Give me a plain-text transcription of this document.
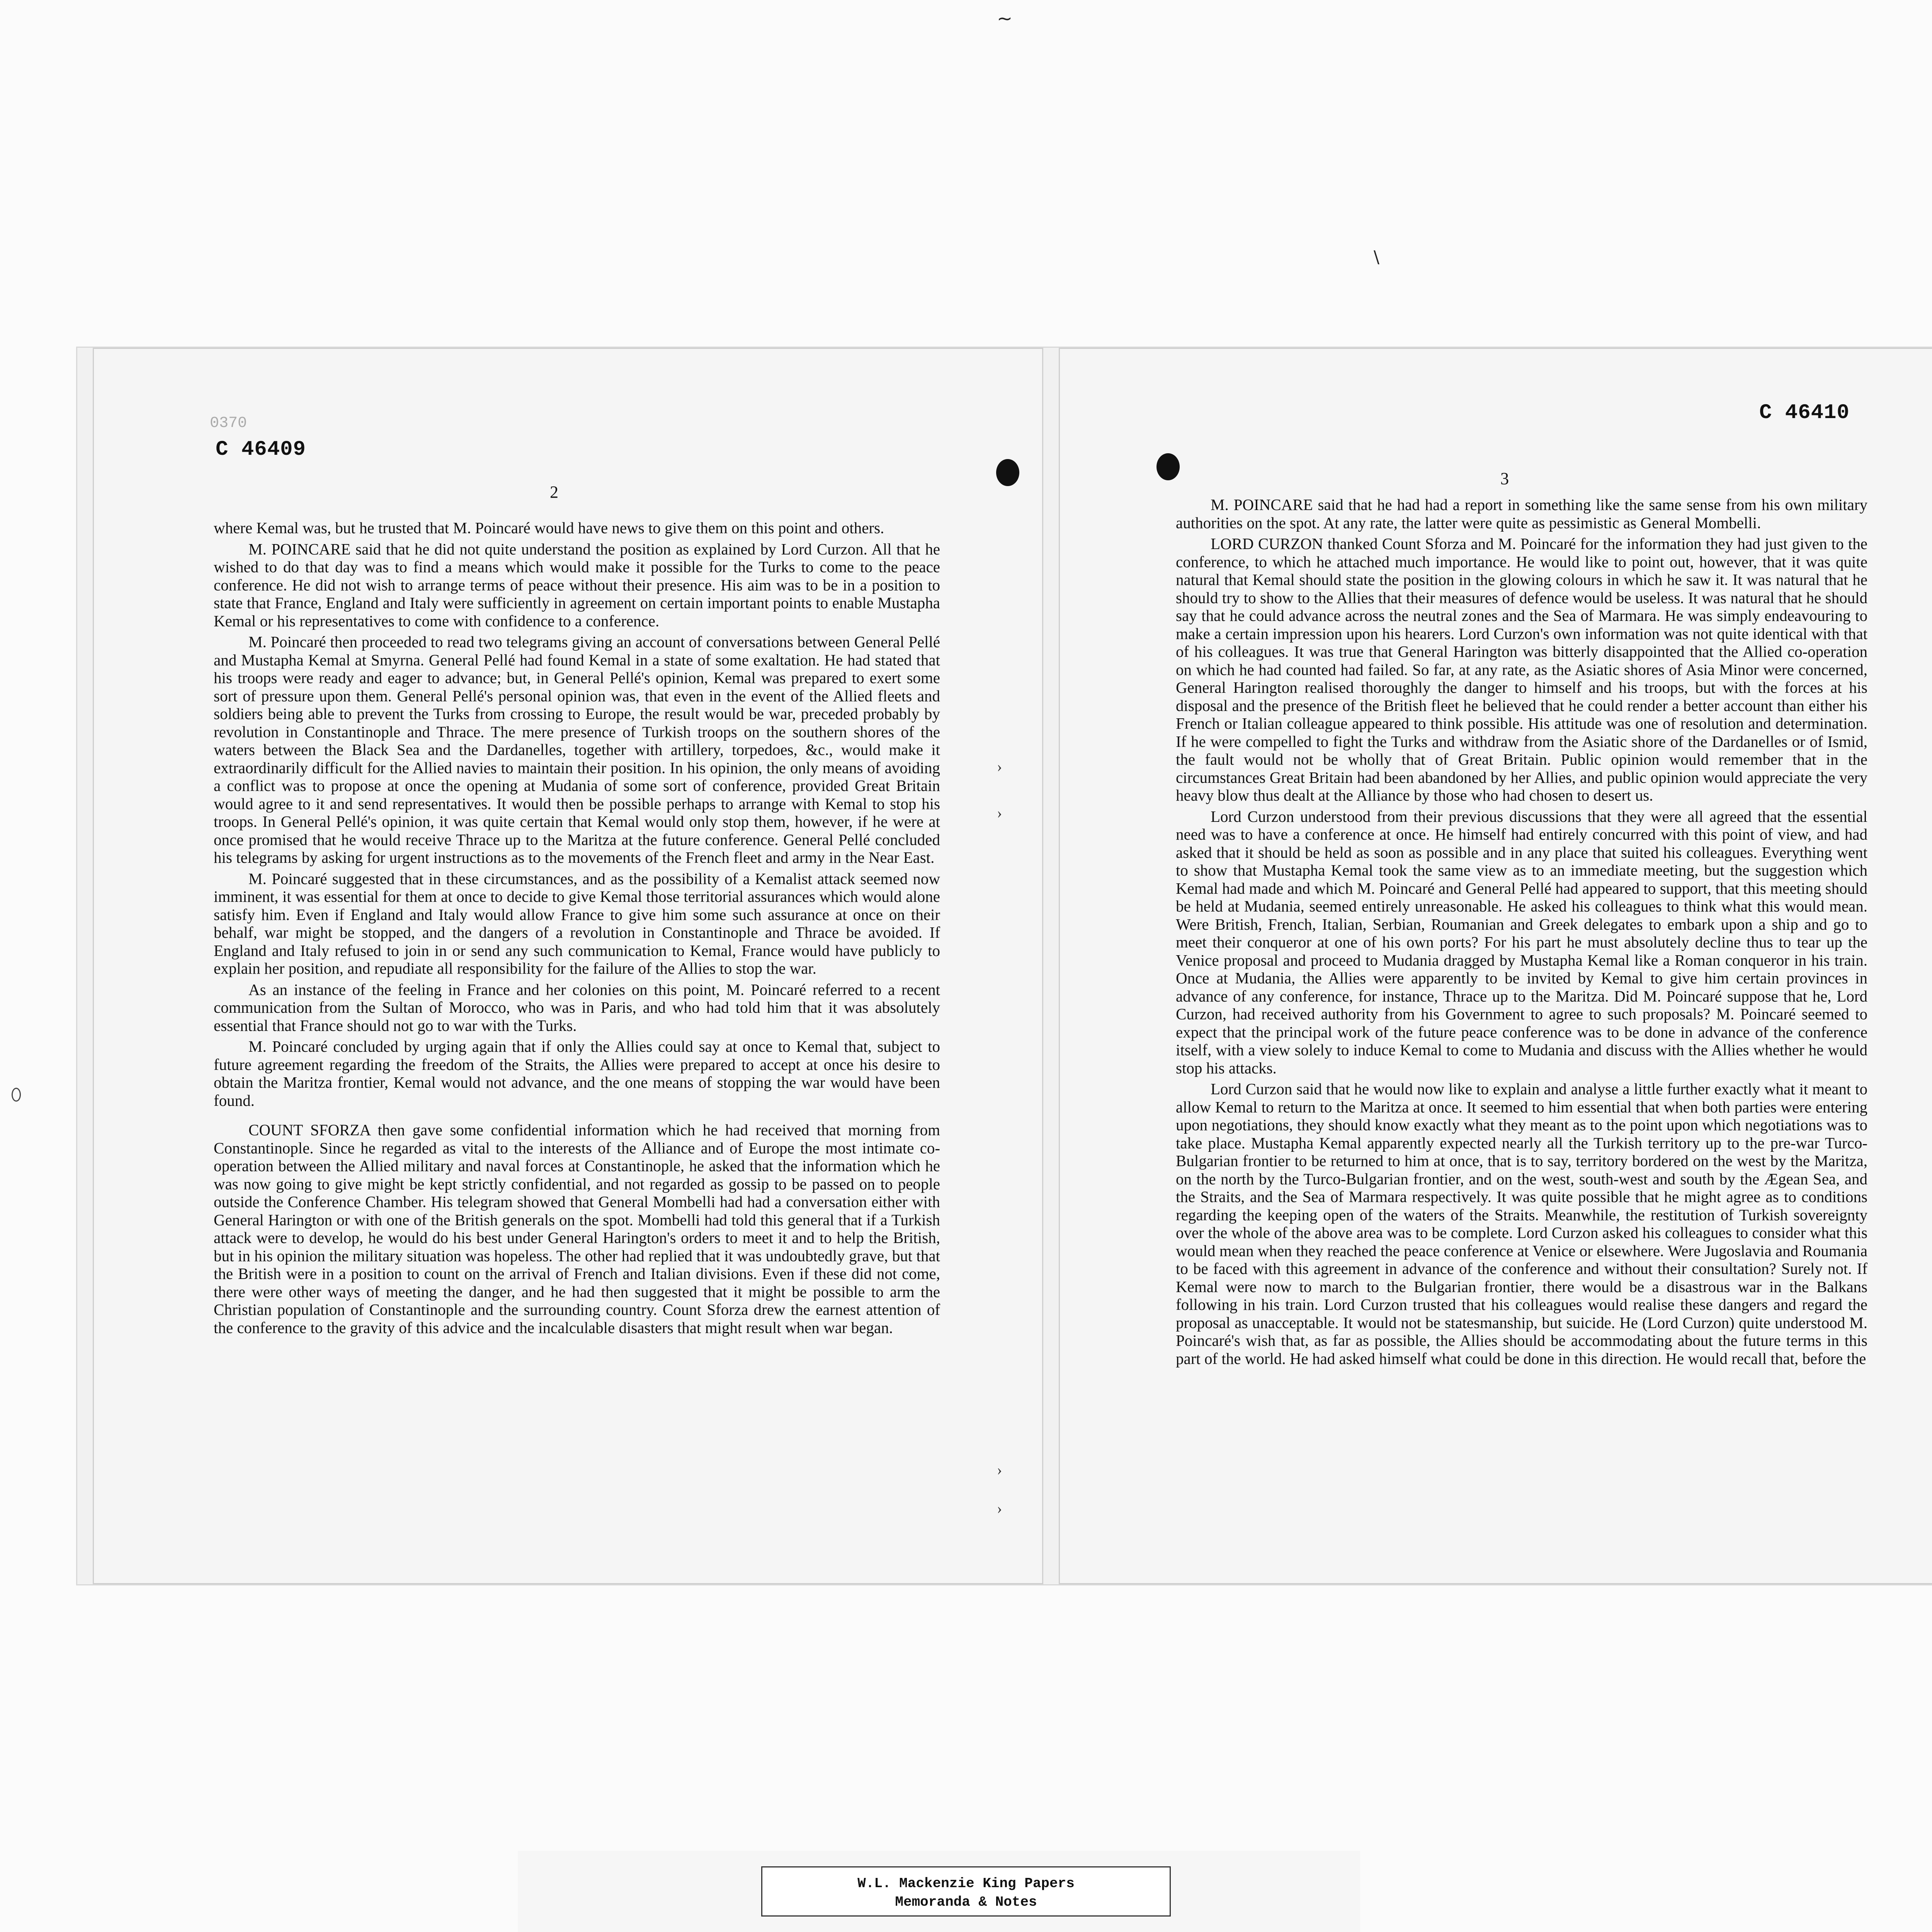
~
\
0370
C 46409
2

where Kemal was, but he trusted that M. Poincaré would have news to give them on this point and others.

M. POINCARE said that he did not quite understand the position as explained by Lord Curzon. All that he wished to do that day was to find a means which would make it possible for the Turks to come to the peace conference. He did not wish to arrange terms of peace without their presence. His aim was to be in a position to state that France, England and Italy were sufficiently in agreement on certain important points to enable Mustapha Kemal or his representatives to come with confidence to a conference.

M. Poincaré then proceeded to read two telegrams giving an account of conversations between General Pellé and Mustapha Kemal at Smyrna. General Pellé had found Kemal in a state of some exaltation. He had stated that his troops were ready and eager to advance; but, in General Pellé's opinion, Kemal was prepared to exert some sort of pressure upon them. General Pellé's personal opinion was, that even in the event of the Allied fleets and soldiers being able to prevent the Turks from crossing to Europe, the result would be war, preceded probably by revolution in Constantinople and Thrace. The mere presence of Turkish troops on the southern shores of the waters between the Black Sea and the Dardanelles, together with artillery, torpedoes, &c., would make it extraordinarily difficult for the Allied navies to maintain their position. In his opinion, the only means of avoiding a conflict was to propose at once the opening at Mudania of some sort of conference, provided Great Britain would agree to it and send representatives. It would then be possible perhaps to arrange with Kemal to stop his troops. In General Pellé's opinion, it was quite certain that Kemal would only stop them, however, if he were at once promised that he would receive Thrace up to the Maritza at the future conference. General Pellé concluded his telegrams by asking for urgent instructions as to the movements of the French fleet and army in the Near East.

M. Poincaré suggested that in these circumstances, and as the possibility of a Kemalist attack seemed now imminent, it was essential for them at once to decide to give Kemal those territorial assurances which would alone satisfy him. Even if England and Italy would allow France to give him some such assurance at once on their behalf, war might be stopped, and the dangers of a revolution in Constantinople and Thrace be avoided. If England and Italy refused to join in or send any such communication to Kemal, France would have publicly to explain her position, and repudiate all responsibility for the failure of the Allies to stop the war.

As an instance of the feeling in France and her colonies on this point, M. Poincaré referred to a recent communication from the Sultan of Morocco, who was in Paris, and who had told him that it was absolutely essential that France should not go to war with the Turks.

M. Poincaré concluded by urging again that if only the Allies could say at once to Kemal that, subject to future agreement regarding the freedom of the Straits, the Allies were prepared to accept at once his desire to obtain the Maritza frontier, Kemal would not advance, and the one means of stopping the war would have been found.

COUNT SFORZA then gave some confidential information which he had received that morning from Constantinople. Since he regarded as vital to the interests of the Alliance and of Europe the most intimate co-operation between the Allied military and naval forces at Constantinople, he asked that the information which he was now going to give might be kept strictly confidential, and not regarded as gossip to be passed on to people outside the Conference Chamber. His telegram showed that General Mombelli had had a conversation either with General Harington or with one of the British generals on the spot. Mombelli had told this general that if a Turkish attack were to develop, he would do his best under General Harington's orders to meet it and to help the British, but in his opinion the military situation was hopeless. The other had replied that it was undoubtedly grave, but that the British were in a position to count on the arrival of French and Italian divisions. Even if these did not come, there were other ways of meeting the danger, and he had then suggested that it might be possible to arm the Christian population of Constantinople and the surrounding country. Count Sforza drew the earnest attention of the conference to the gravity of this advice and the incalculable disasters that might result when war began.

›
›
›
›
C 46410
3

M. POINCARE said that he had had a report in something like the same sense from his own military authorities on the spot. At any rate, the latter were quite as pessimistic as General Mombelli.

LORD CURZON thanked Count Sforza and M. Poincaré for the information they had just given to the conference, to which he attached much importance. He would like to point out, however, that it was quite natural that Kemal should state the position in the glowing colours in which he saw it. It was natural that he should try to show to the Allies that their measures of defence would be useless. It was natural that he should say that he could advance across the neutral zones and the Sea of Marmara. He was simply endeavouring to make a certain impression upon his hearers. Lord Curzon's own information was not quite identical with that of his colleagues. It was true that General Harington was bitterly disappointed that the Allied co-operation on which he had counted had failed. So far, at any rate, as the Asiatic shores of Asia Minor were concerned, General Harington realised thoroughly the danger to himself and his troops, but with the forces at his disposal and the presence of the British fleet he believed that he could render a better account than either his French or Italian colleague appeared to think possible. His attitude was one of resolution and determination. If he were compelled to fight the Turks and withdraw from the Asiatic shore of the Dardanelles or of Ismid, the fault would not be wholly that of Great Britain. Public opinion would remember that in the circumstances Great Britain had been abandoned by her Allies, and public opinion would appreciate the very heavy blow thus dealt at the Alliance by those who had chosen to desert us.

Lord Curzon understood from their previous discussions that they were all agreed that the essential need was to have a conference at once. He himself had entirely concurred with this point of view, and had asked that it should be held as soon as possible and in any place that suited his colleagues. Everything went to show that Mustapha Kemal took the same view as to an immediate meeting, but the suggestion which Kemal had made and which M. Poincaré and General Pellé had appeared to support, that this meeting should be held at Mudania, seemed entirely unreasonable. He asked his colleagues to think what this would mean. Were British, French, Italian, Serbian, Roumanian and Greek delegates to embark upon a ship and go to meet their conqueror at one of his own ports? For his part he must absolutely decline thus to tear up the Venice proposal and proceed to Mudania dragged by Mustapha Kemal like a Roman conqueror in his train. Once at Mudania, the Allies were apparently to be invited by Kemal to give him certain provinces in advance of any conference, for instance, Thrace up to the Maritza. Did M. Poincaré suppose that he, Lord Curzon, had received authority from his Government to agree to such proposals? M. Poincaré seemed to expect that the principal work of the future peace conference was to be done in advance of the conference itself, with a view solely to induce Kemal to come to Mudania and discuss with the Allies whether he would stop his attacks.

Lord Curzon said that he would now like to explain and analyse a little further exactly what it meant to allow Kemal to return to the Maritza at once. It seemed to him essential that when both parties were entering upon negotiations, they should know exactly what they meant as to the point upon which negotiations was to take place. Mustapha Kemal apparently expected nearly all the Turkish territory up to the pre-war Turco-Bulgarian frontier to be returned to him at once, that is to say, territory bordered on the west by the Maritza, on the north by the Turco-Bulgarian frontier, and on the west, south-west and south by the Ægean Sea, and the Straits, and the Sea of Marmara respectively. It was quite possible that he might agree as to conditions regarding the keeping open of the waters of the Straits. Meanwhile, the restitution of Turkish sovereignty over the whole of the above area was to be complete. Lord Curzon asked his colleagues to consider what this would mean when they reached the peace conference at Venice or elsewhere. Were Jugoslavia and Roumania to be faced with this agreement in advance of the conference and without their consultation? Surely not. If Kemal were now to march to the Bulgarian frontier, there would be a disastrous war in the Balkans following in his train. Lord Curzon trusted that his colleagues would realise these dangers and regard the proposal as unacceptable. It would not be statesmanship, but suicide. He (Lord Curzon) quite understood M. Poincaré's wish that, as far as possible, the Allies should be accommodating about the future terms in this part of the world. He had asked himself what could be done in this direction. He would recall that, before the

W.L. Mackenzie King Papers
Memoranda & Notes
